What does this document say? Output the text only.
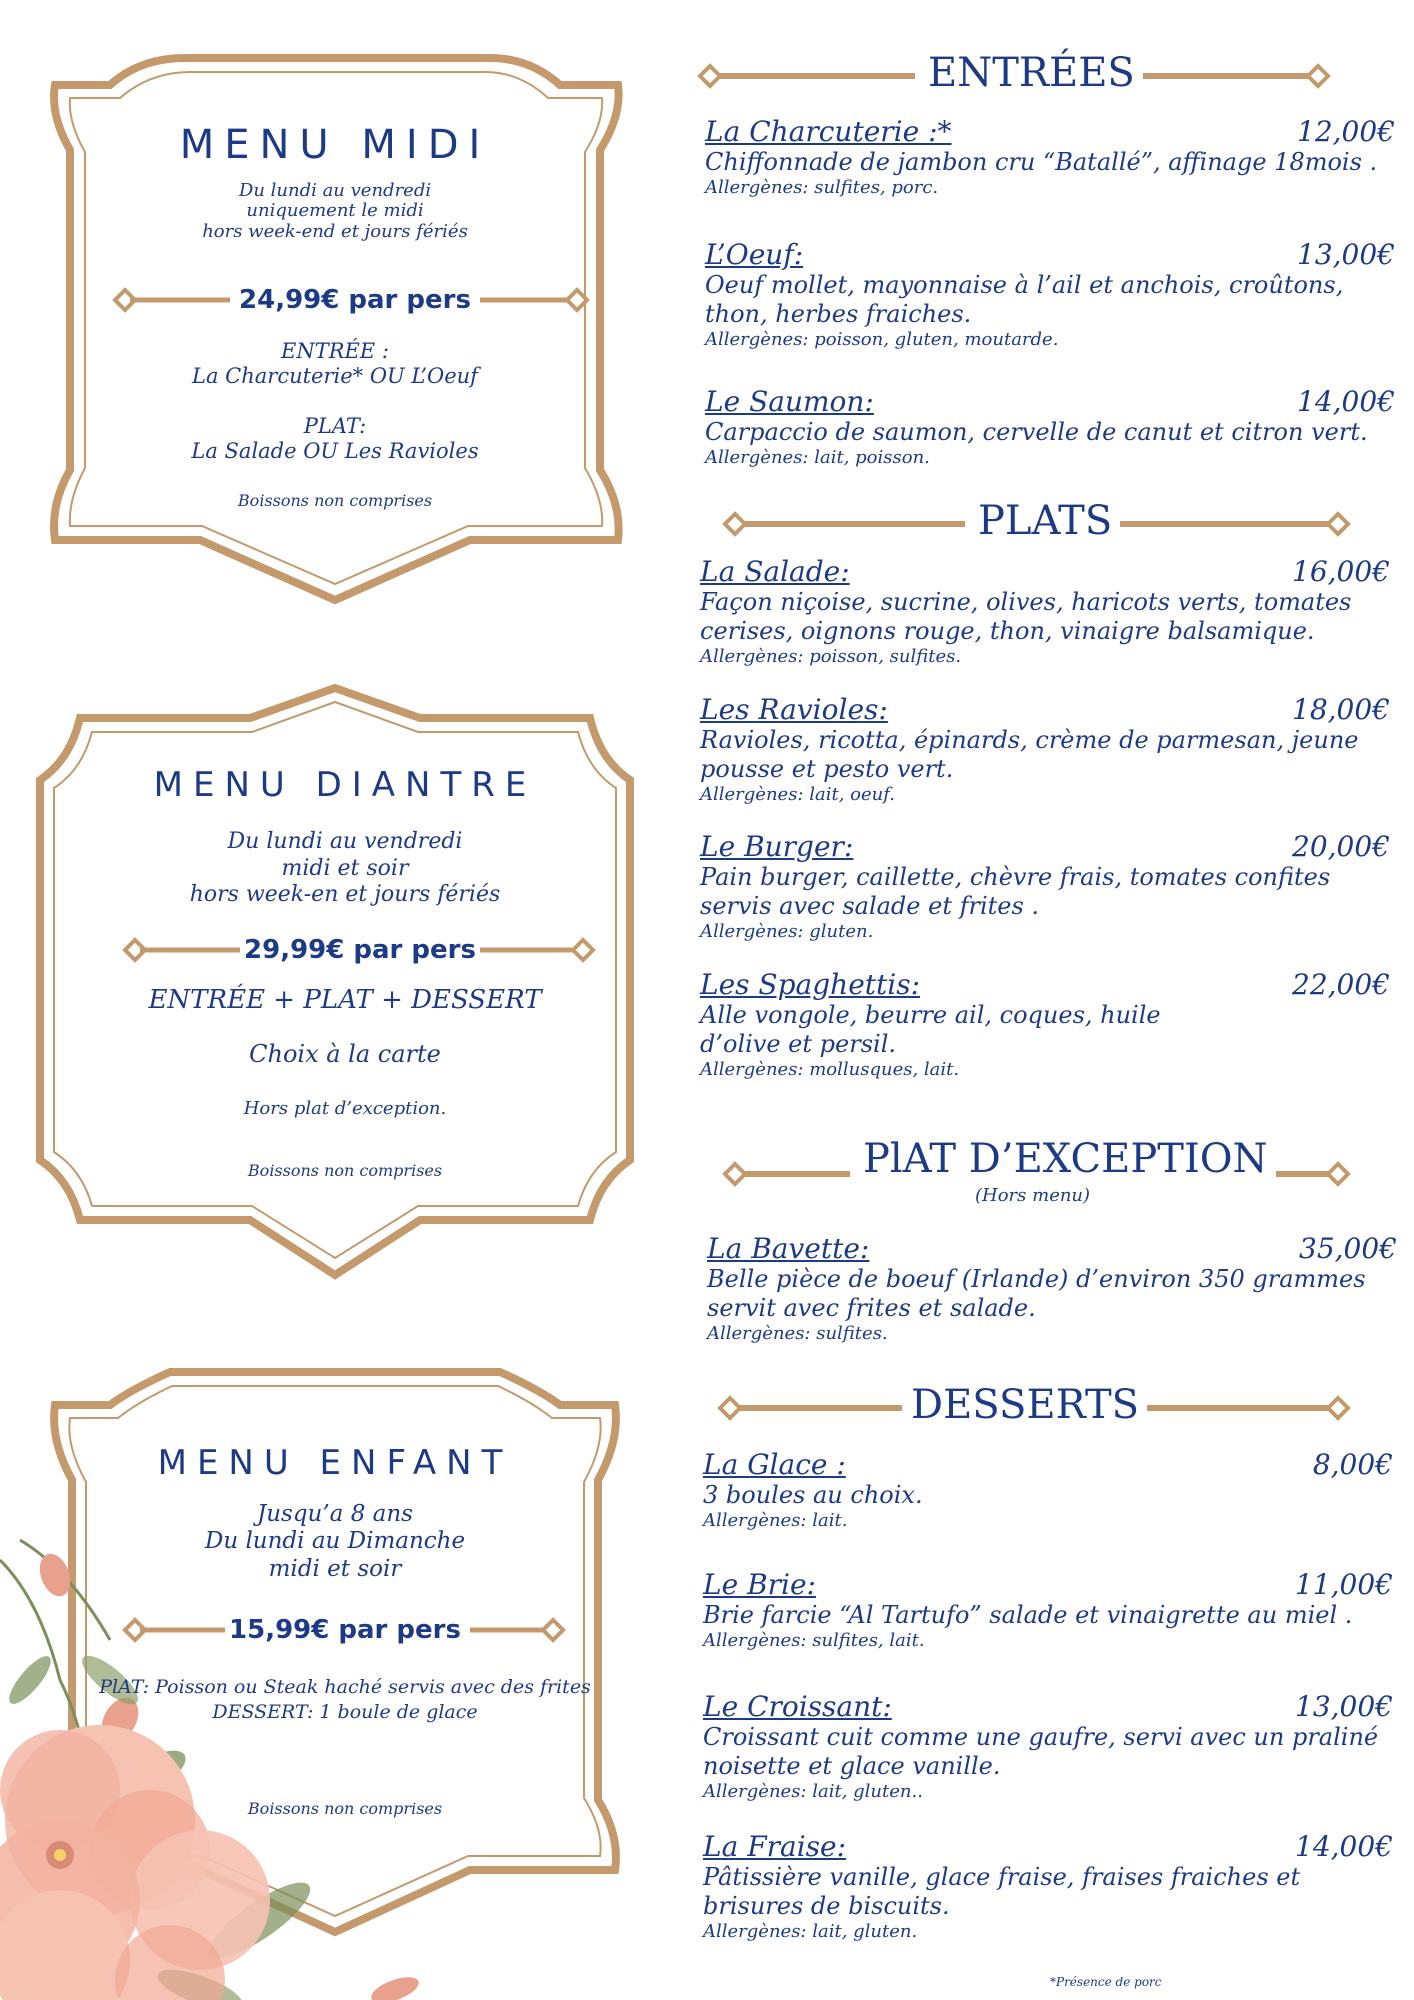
MENU MIDI
Du lundi au vendredi
uniquement le midi
hors week-end et jours fériés
24,99€ par pers
ENTRÉE :
La Charcuterie* OU L’Oeuf
PLAT:
La Salade OU Les Ravioles
Boissons non comprises
MENU DIANTRE
Du lundi au vendredi
midi et soir
hors week-en et jours fériés
29,99€ par pers
ENTRÉE + PLAT + DESSERT
Choix à la carte
Hors plat d’exception.
Boissons non comprises
MENU ENFANT
Jusqu’a 8 ans
Du lundi au Dimanche
midi et soir
15,99€ par pers
PlAT: Poisson ou Steak haché servis avec des frites
DESSERT: 1 boule de glace
Boissons non comprises
ENTRÉES
La Charcuterie :*	12,00€
Chiffonnade de jambon cru “Batallé”, affinage 18mois .
Allergènes: sulfites, porc.
L’Oeuf:	13,00€
Oeuf mollet, mayonnaise à l’ail et anchois, croûtons, thon, herbes fraiches.
Allergènes: poisson, gluten, moutarde.
Le Saumon:	14,00€
Carpaccio de saumon, cervelle de canut et citron vert.
Allergènes: lait, poisson.
PLATS
La Salade:	16,00€
Façon niçoise, sucrine, olives, haricots verts, tomates cerises, oignons rouge, thon, vinaigre balsamique.
Allergènes: poisson, sulfites.
Les Ravioles:	18,00€
Ravioles, ricotta, épinards, crème de parmesan, jeune pousse et pesto vert.
Allergènes: lait, oeuf.
Le Burger:	20,00€
Pain burger, caillette, chèvre frais, tomates confites servis avec salade et frites .
Allergènes: gluten.
Les Spaghettis:	22,00€
Alle vongole, beurre ail, coques, huile d’olive et persil.
Allergènes: mollusques, lait.
PlAT D’EXCEPTION
(Hors menu)
La Bavette:	35,00€
Belle pièce de boeuf (Irlande) d’environ 350 grammes servit avec frites et salade.
Allergènes: sulfites.
DESSERTS
La Glace :	8,00€
3 boules au choix.
Allergènes: lait.
Le Brie:	11,00€
Brie farcie “Al Tartufo” salade et vinaigrette au miel .
Allergènes: sulfites, lait.
Le Croissant:	13,00€
Croissant cuit comme une gaufre, servi avec un praliné noisette et glace vanille.
Allergènes: lait, gluten..
La Fraise:	14,00€
Pâtissière vanille, glace fraise, fraises fraiches et brisures de biscuits.
Allergènes: lait, gluten.
*Présence de porc
